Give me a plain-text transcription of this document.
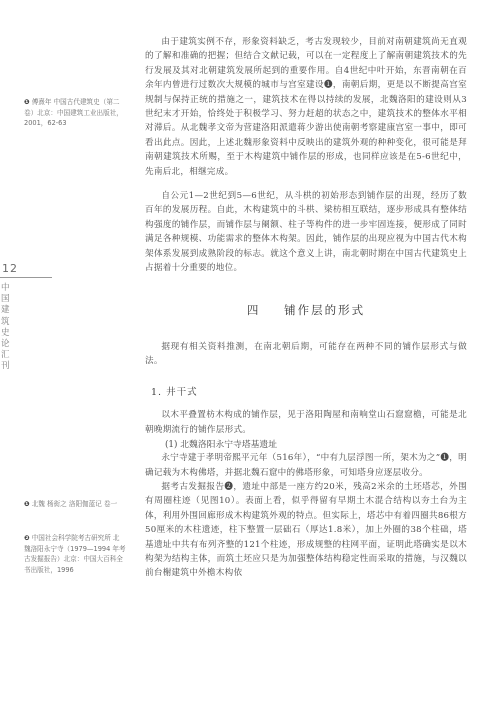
❶ 傅熹年 中国古代建筑史（第二卷）北京：中国建筑工业出版社，2001，62-63
12
中国建筑史论汇刊
❶ 北魏 杨衒之 洛阳伽蓝记 卷一
❷ 中国社会科学院考古研究所 北魏洛阳永宁寺（1979—1994 年考古发掘报告）北京：中国大百科全书出版社，1996

由于建筑实例不存，形象资料缺乏，考古发现较少，目前对南朝建筑尚无直观的了解和准确的把握；但结合文献记载，可以在一定程度上了解南朝建筑技术的先行发展及其对北朝建筑发展所起到的重要作用。自4世纪中叶开始，东晋南朝在百余年内曾进行过数次大规模的城市与宫室建设❶，南朝后期，更是以不断提高宫室规制与保持正统的措施之一，建筑技术在得以持续的发展，北魏洛阳的建设则从3世纪末才开始，恰终处于积极学习、努力赶超的状态之中，建筑技术的整体水平相对滞后。从北魏孝文帝为营建洛阳派遣蒋少游出使南朝考察建康宫室一事中，即可看出此点。因此，上述北魏形象资料中反映出的建筑外观的种种变化，很可能是拜南朝建筑技术所赐，至于木构建筑中铺作层的形成，也同样应该是在5-6世纪中，先南后北，相继完成。

自公元1—2世纪到5—6世纪，从斗栱的初始形态到铺作层的出现，经历了数百年的发展历程。自此，木构建筑中的斗栱、梁枋相互联结，逐步形成具有整体结构强度的铺作层，而铺作层与阑额、柱子等构件的进一步牢固连接，便形成了同时满足各种规模、功能需求的整体木构架。因此，铺作层的出现应视为中国古代木构架体系发展到成熟阶段的标志。就这个意义上讲，南北朝时期在中国古代建筑史上占据着十分重要的地位。

四 铺作层的形式

据现有相关资料推测，在南北朝后期，可能存在两种不同的铺作层形式与做法。

1. 井干式

以木平叠置枋木构成的铺作层，见于洛阳陶屋和南响堂山石窟窟檐，可能是北朝晚期流行的铺作层形式。

(1) 北魏洛阳永宁寺塔基遗址

永宁寺建于孝明帝熙平元年（516年），“中有九层浮图一所，架木为之”❶，明确记载为木构佛塔，并据北魏石窟中的佛塔形象，可知塔身应逐层收分。

据考古发掘报告❷，遗址中部是一座方约20米，残高2米余的土坯塔芯，外围有周圈柱迹（见图10）。表面上看，似乎得留有早期土木混合结构以夯土台为主体，利用外围回廊形成木构建筑外观的特点。但实际上，塔芯中有着四圈共86根方50厘米的木柱遗迹，柱下整置一层础石（厚达1.8米），加上外圈的38个柱础，塔基遗址中共有布列齐整的121个柱迹，形成规整的柱网平面，证明此塔确实是以木构架为结构主体，而筑土坯应只是为加强整体结构稳定性而采取的措施，与汉魏以前台榭建筑中外檐木构依
